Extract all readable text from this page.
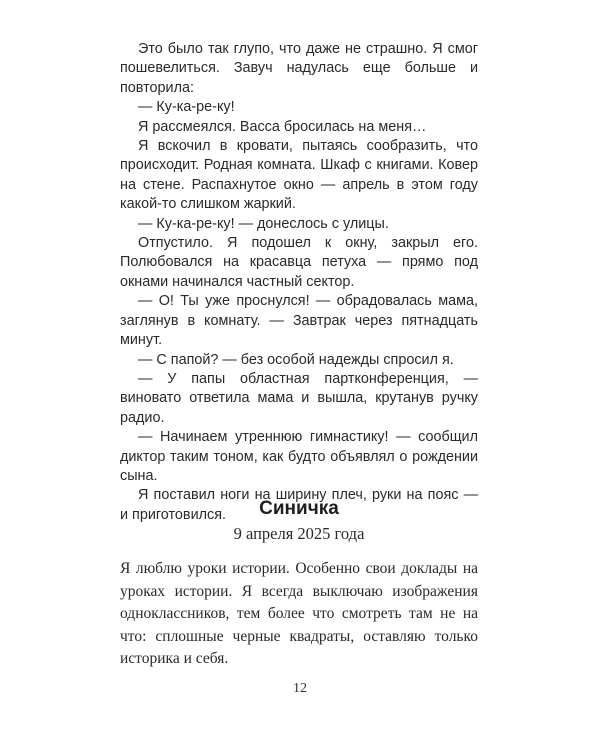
Это было так глупо, что даже не страшно. Я смог пошевелиться. Завуч надулась еще больше и повторила:

— Ку-ка-ре-ку!

Я рассмеялся. Васса бросилась на меня…

Я вскочил в кровати, пытаясь сообразить, что происходит. Родная комната. Шкаф с книгами. Ковер на стене. Распахнутое окно — апрель в этом году какой-то слишком жаркий.

— Ку-ка-ре-ку! — донеслось с улицы.

Отпустило. Я подошел к окну, закрыл его. Полюбовался на красавца петуха — прямо под окнами начинался частный сектор.

— О! Ты уже проснулся! — обрадовалась мама, заглянув в комнату. — Завтрак через пятнадцать минут.

— С папой? — без особой надежды спросил я.

— У папы областная партконференция, — виновато ответила мама и вышла, крутанув ручку радио.

— Начинаем утреннюю гимнастику! — сообщил диктор таким тоном, как будто объявлял о рождении сына.

Я поставил ноги на ширину плеч, руки на пояс — и приготовился.	Синичка
9 апреля 2025 года

Я люблю уроки истории. Особенно свои доклады на уроках истории. Я всегда выключаю изображения одноклассников, тем более что смотреть там не на что: сплошные черные квадраты, оставляю только историка и себя.

12
